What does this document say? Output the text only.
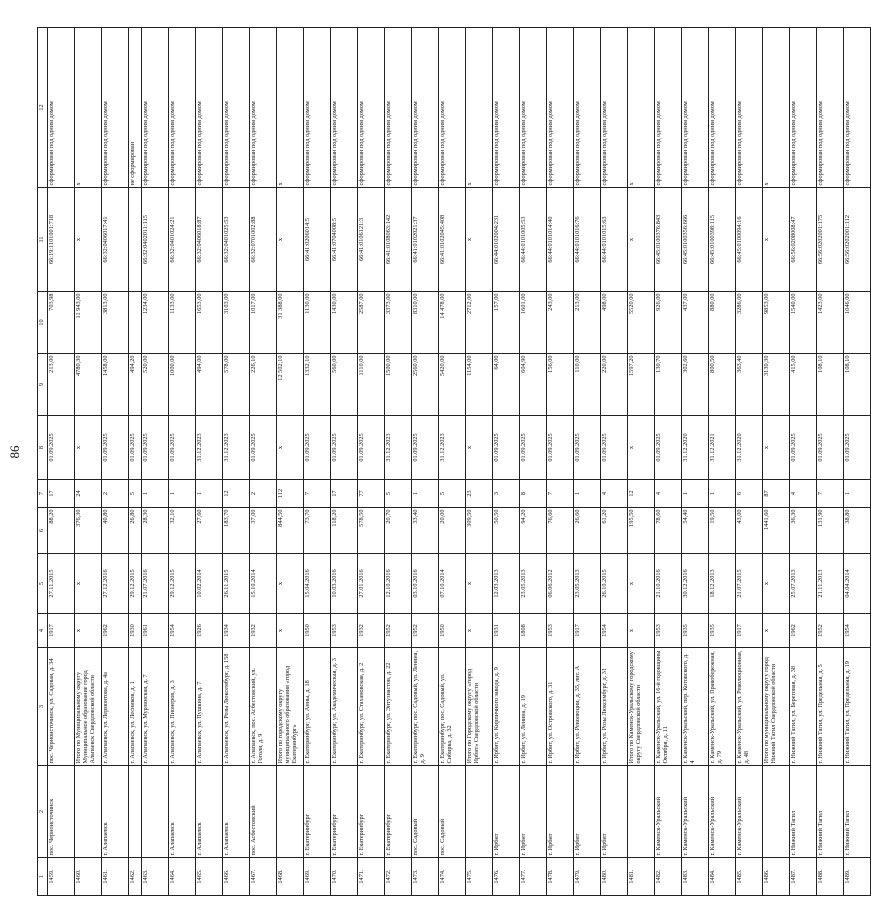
86
1	2	3	4	5	6	7	8	9	10	11	12
1459.	пос. Черноисточинск	пос. Черноисточинск, ул. Садовая, д. 34	1917	27.11.2015	88,20	17	01.09.2025	213,00	703,98	66:19:1101001:718	сформирован под одним домом
1460.		Итого по Муниципальному округу Муниципальное образование город Алапаевск Свердловской области	x	x	376,30	24	x	4780,30	11 943,00	x	x
1461.	г. Алапаевск	г. Алапаевск, ул. Лермонтова, д. 4а	1962	27.12.2016	40,80	2	01.09.2025	1458,00	3813,00	66:32:0406017:41	сформирован под одним домом
1462.		г. Алапаевск, ул. Лесников, д. 1	1930	29.12.2015	26,80	5	01.09.2025	494,20			не сформирован
1463.		г. Алапаевск, ул. Мурзинская, д. 7	1961	21.07.2016	28,30	1	01.09.2025	520,00	1234,00	66:32:0402011:115	сформирован под одним домом
1464.	г. Алапаевск	г. Алапаевск, ул. Пионеров, д. 3	1954	29.12.2015	32,10	1	01.09.2025	1000,00	1133,00	66:32:0401024:21	сформирован под одним домом
1465.	г. Алапаевск	г. Алапаевск, ул. Пушкина, д. 7	1926	10.02.2014	27,60	1	31.12.2023	494,00	1653,00	66:32:0406018:87	сформирован под одним домом
1466.	г. Алапаевск	г. Алапаевск, ул. Розы Люксембург, д. 158	1934	26.11.2015	183,70	12	31.12.2023	578,00	3103,00	66:32:0401025:53	сформирован под одним домом
1467.	пос. Асбестовский	г. Алапаевск, пос. Асбестовский, ул. Гоголя, д. 9	1932	15.10.2014	37,00	2	01.09.2025	226,10	1017,00	66:32:0701002:88	сформирован под одним домом
1468.		Итого по городскому округу муниципального образования «город Екатеринбург»	x	x	844,50	112	x	12 502,10	31 388,00	x	x
1469.	г. Екатеринбург	г. Екатеринбург, ул. Анны, д. 18	1950	15.04.2016	73,70	7	01.09.2025	1332,10	1130,00	66:41:0206014:5	сформирован под одним домом
1470.	г. Екатеринбург	г. Екатеринбург, ул. Академическая, д. 3	1953	10.03.2016	118,20	17	01.09.2025	560,00	1430,00	66:41:0704008:5	сформирован под одним домом
1471.	г. Екатеринбург	г. Екатеринбург, ул. Стахановская, д. 2	1932	27.01.2016	578,50	77	01.09.2025	1110,00	2587,00	66:41:0106121:3	сформирован под одним домом
1472.	г. Екатеринбург	г. Екатеринбург, ул. Энтузиастов, д. 22	1952	12.10.2016	20,70	5	31.12.2023	1500,00	3373,00	66:41:0108063:142	сформирован под одним домом
1473.	пос. Садовый	г. Екатеринбург, пос. Садовый, ул. Ленина, д. 9	1952	03.10.2016	33,40	1	01.09.2025	2560,00	8310,00	66:41:0102021:37	сформирован под одним домом
1474.	пос. Садовый	г. Екатеринбург, пос. Садовый, ул. Сибирка, д. 32	1950	07.10.2014	20,00	5	31.12.2023	5420,00	14 478,00	66:41:0102045:408	сформирован под одним домом
1475.		Итого по Городскому округу «город Ирбит» Свердловской области	x	x	309,50	23	x	1154,00	2712,00	x	x
1476.	г. Ирбит	г. Ирбит, ул. Кирпичного завода, д. 9	1931	12.03.2013	50,50	3	01.09.2025	64,00	157,00	66:44:0102004:231	сформирован под одним домом
1477.	г. Ирбит	г. Ирбит, ул. Ленина, д. 19	1808	23.05.2013	94,20	8	01.09.2025	604,90	1601,00	66:44:0101005:53	сформирован под одним домом
1478.	г. Ирбит	г. Ирбит, ул. Островского, д. 31	1953	06.06.2012	76,60	7	01.09.2025	156,00	243,00	66:44:0101014:40	сформирован под одним домом
1479.	г. Ирбит	г. Ирбит, ул. Революции, д. 35, лит. А	1917	23.05.2013	26,60	1	01.09.2025	110,00	213,00	66:44:0101016:76	сформирован под одним домом
1480.	г. Ирбит	г. Ирбит, ул. Розы Люксембург, д. 31	1954	26.10.2015	61,20	4	01.09.2025	220,00	498,00	66:44:0101015:63	сформирован под одним домом
1481.		Итого по Каменск-Уральскому городскому округу Свердловской области	x	x	195,50	12	x	1597,20	5520,00	x	x
1482.	г. Каменск-Уральский	г. Каменск-Уральский, ул. 16-й годовщины Октября, д. 11	1953	21.10.2016	78,60	4	01.09.2025	130,70	926,00	66:45:0100376:843	сформирован под одним домом
1483.	г. Каменск-Уральский	г. Каменск-Уральский, пер. Котовского, д. 4	1935	30.12.2016	54,40	1	31.12.2020	302,60	437,00	66:45:0100356:666	сформирован под одним домом
1484.	г. Каменск-Уральский	г. Каменск-Уральский, ул. Правобережная, д. 79	1935	18.12.2013	19,50	1	31.12.2021	800,50	880,00	66:45:0100398:115	сформирован под одним домом
1485.	г. Каменск-Уральский	г. Каменск-Уральский, ул. Революционная, д. 48	1917	21.07.2015	43,00	6	31.12.2020	363,40	3286,00	66:45:0100094:16	сформирован под одним домом
1486.		Итого по муниципальному округу город Нижний Тагил Свердловской области	x	x	1441,60	87	x	3130,30	9853,00	x	x
1487.	г. Нижний Тагил	г. Нижний Тагил, ул. Береговая, д. 38	1962	25.07.2013	36,30	4	01.09.2025	415,00	1540,00	66:56:0208008:47	сформирован под одним домом
1488.	г. Нижний Тагил	г. Нижний Тагил, ул. Предельная, д. 5	1952	21.11.2013	131,90	7	01.09.2025	108,10	1423,00	66:56:0202001:175	сформирован под одним домом
1489.	г. Нижний Тагил	г. Нижний Тагил, ул. Предельная, д. 19	1954	04.04.2014	38,80	1	01.09.2025	108,10	1046,00	66:56:0202001:112	сформирован под одним домом
